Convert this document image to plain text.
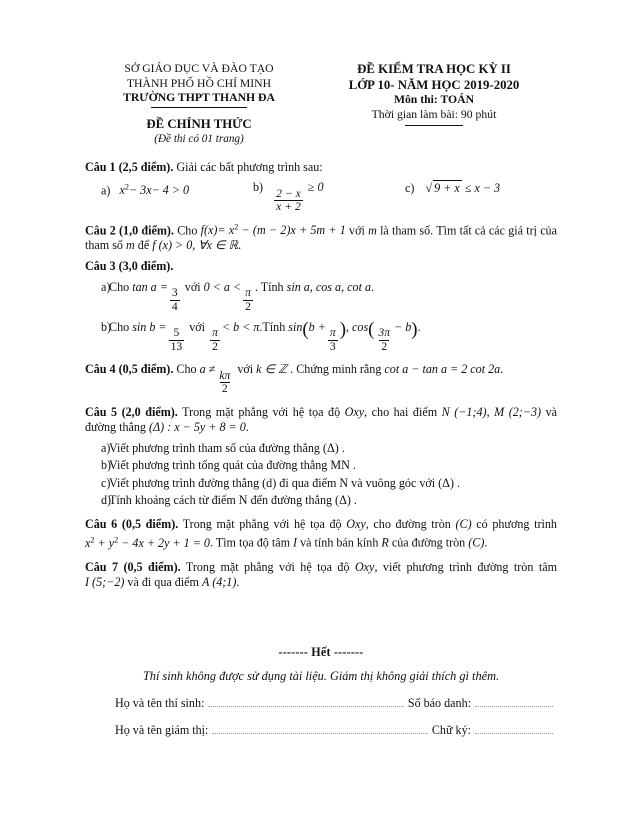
SỞ GIÁO DỤC VÀ ĐÀO TẠO
THÀNH PHỐ HỒ CHÍ MINH
TRƯỜNG THPT THANH ĐA
ĐỀ CHÍNH THỨC
(Đề thi có 01 trang)
ĐỀ KIỂM TRA HỌC KỲ II
LỚP 10- NĂM HỌC 2019-2020
Môn thi: TOÁN
Thời gian làm bài: 90 phút
Câu 1 (2,5 điểm). Giải các bất phương trình sau:
a) $x^2- 3x- 4 > 0$	b)
$\frac{2 - x}{x + 2}$
≥ 0	c) √ 9 + x ≤ x − 3
Câu 2 (1,0 điểm). Cho $f(x)= x^2 - (m - 2)x + 5m + 1$ với m là tham số. Tìm tất cả các giá trị của tham số m để f (x) > 0, ∀x ∈ ℝ.
Câu 3 (3,0 điểm).
a)
Cho tan a =
$\frac{3}{4}$
với 0 < a <
$\frac{\pi}{2}$
. Tính sin a, cos a, cot a.
b)
Cho sin b =
$\frac{5}{13}$
với
$\frac{\pi}{2}$
< b < π.Tính sin(b +
$\frac{\pi}{3}$ ), $\cos( \frac{3\pi}{2}$
− b).
Câu 4 (0,5 điểm). Cho a ≠
$\frac{k\pi}{2}$
với k ∈ ℤ . Chứng minh rằng cot a − tan a = 2 cot 2a.
Câu 5 (2,0 điểm). Trong mặt phẳng với hệ tọa độ Oxy, cho hai điểm N (−1;4), M (2;−3) và đường thẳng (Δ) : x − 5y + 8 = 0.
a)
Viết phương trình tham số của đường thẳng (Δ) .
b)
Viết phương trình tổng quát của đường thẳng MN .
c)
Viết phương trình đường thẳng (d) đi qua điểm N và vuông góc với (Δ) .
d)
Tính khoảng cách từ điểm N đến đường thẳng (Δ) .
Câu 6 (0,5 điểm). Trong mặt phẳng với hệ tọa độ Oxy, cho đường tròn (C) có phương trình $x^2 + y^2 - 4x + 2y + 1 = 0$. Tìm tọa độ tâm I và tính bán kính R của đường tròn (C).
Câu 7 (0,5 điểm). Trong mặt phẳng với hệ tọa độ Oxy, viết phương trình đường tròn tâm I (5;−2) và đi qua điểm A (4;1).
------- Hết -------
Thí sinh không được sử dụng tài liệu. Giám thị không giải thích gì thêm.
Họ và tên thí sinh:	Số báo danh:
Họ và tên giám thị:	Chữ ký:
